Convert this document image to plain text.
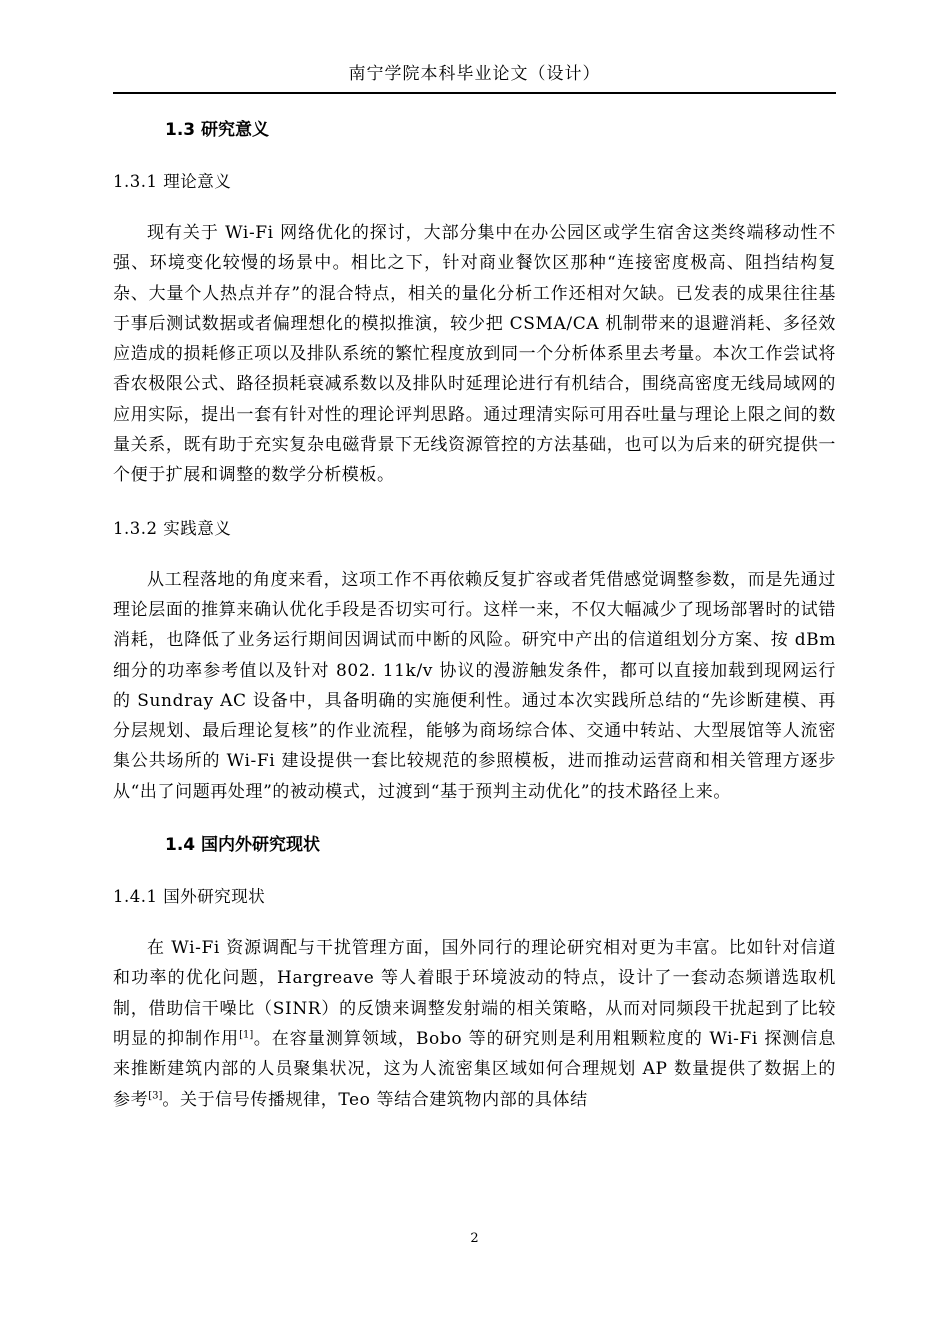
南宁学院本科毕业论文（设计）
1.3 研究意义
1.3.1 理论意义

现有关于 Wi-Fi 网络优化的探讨，大部分集中在办公园区或学生宿舍这类终端移动性不强、环境变化较慢的场景中。相比之下，针对商业餐饮区那种“连接密度极高、阻挡结构复杂、大量个人热点并存”的混合特点，相关的量化分析工作还相对欠缺。已发表的成果往往基于事后测试数据或者偏理想化的模拟推演，较少把 CSMA/CA 机制带来的退避消耗、多径效应造成的损耗修正项以及排队系统的繁忙程度放到同一个分析体系里去考量。本次工作尝试将香农极限公式、路径损耗衰减系数以及排队时延理论进行有机结合，围绕高密度无线局域网的应用实际，提出一套有针对性的理论评判思路。通过理清实际可用吞吐量与理论上限之间的数量关系，既有助于充实复杂电磁背景下无线资源管控的方法基础，也可以为后来的研究提供一个便于扩展和调整的数学分析模板。

1.3.2 实践意义

从工程落地的角度来看，这项工作不再依赖反复扩容或者凭借感觉调整参数，而是先通过理论层面的推算来确认优化手段是否切实可行。这样一来，不仅大幅减少了现场部署时的试错消耗，也降低了业务运行期间因调试而中断的风险。研究中产出的信道组划分方案、按 dBm 细分的功率参考值以及针对 802. 11k/v 协议的漫游触发条件，都可以直接加载到现网运行的 Sundray AC 设备中，具备明确的实施便利性。通过本次实践所总结的“先诊断建模、再分层规划、最后理论复核”的作业流程，能够为商场综合体、交通中转站、大型展馆等人流密集公共场所的 Wi-Fi 建设提供一套比较规范的参照模板，进而推动运营商和相关管理方逐步从“出了问题再处理”的被动模式，过渡到“基于预判主动优化”的技术路径上来。

1.4 国内外研究现状
1.4.1 国外研究现状

在 Wi-Fi 资源调配与干扰管理方面，国外同行的理论研究相对更为丰富。比如针对信道和功率的优化问题，Hargreave 等人着眼于环境波动的特点，设计了一套动态频谱选取机制，借助信干噪比（SINR）的反馈来调整发射端的相关策略，从而对同频段干扰起到了比较明显的抑制作用[1]。在容量测算领域，Bobo 等的研究则是利用粗颗粒度的 Wi-Fi 探测信息来推断建筑内部的人员聚集状况，这为人流密集区域如何合理规划 AP 数量提供了数据上的参考[3]。关于信号传播规律，Teo 等结合建筑物内部的具体结

2
